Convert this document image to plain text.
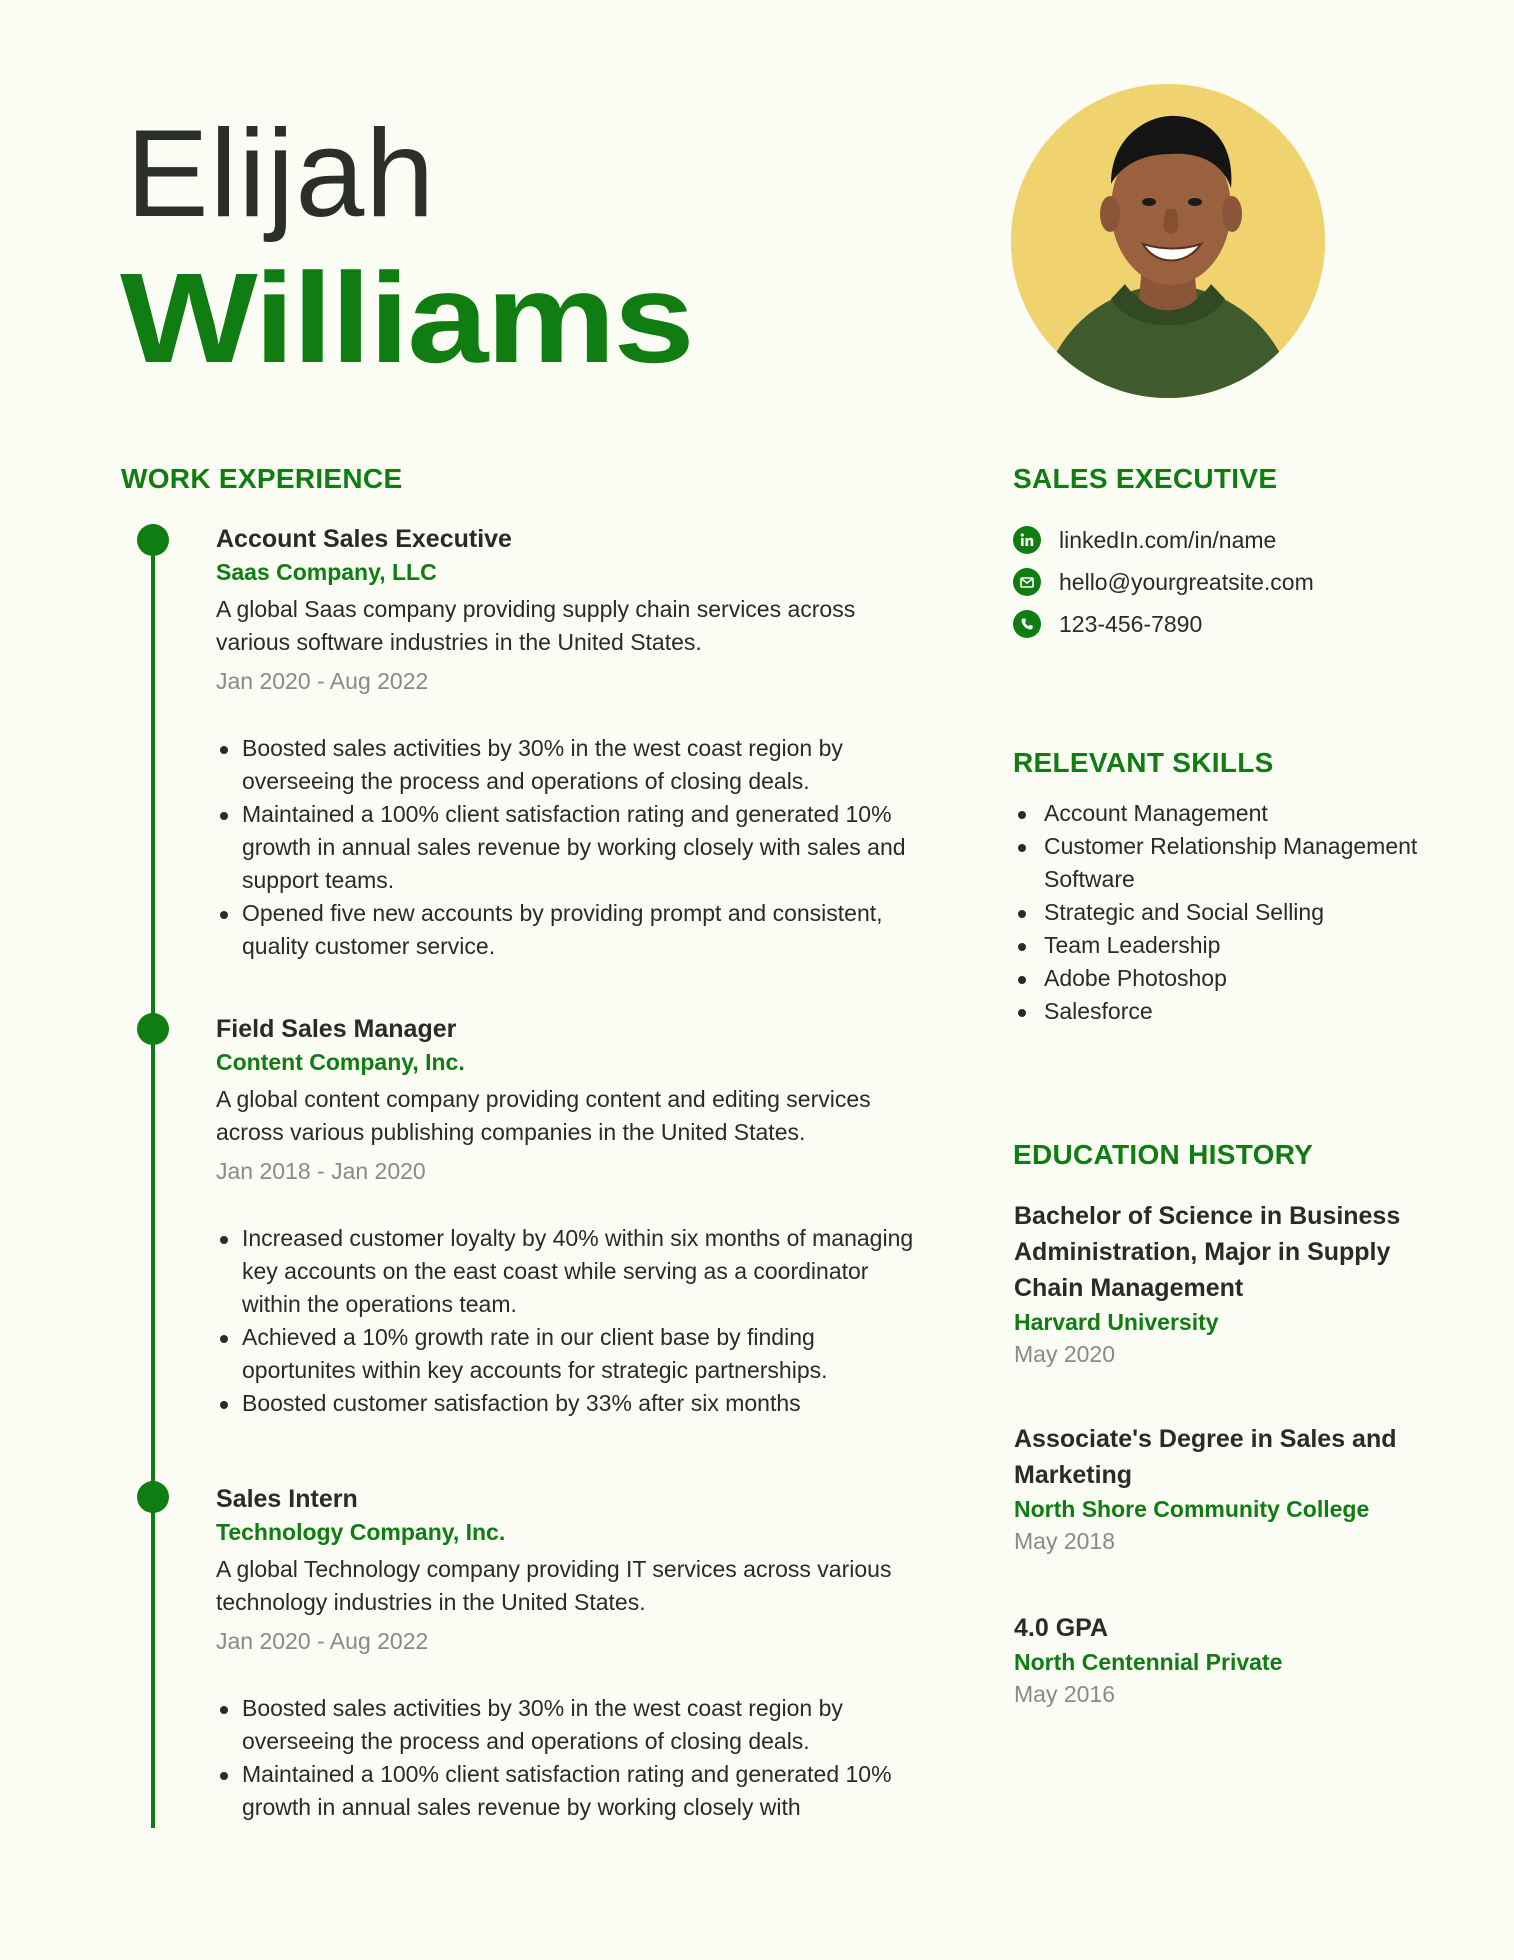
Elijah
Williams
WORK EXPERIENCE
Account Sales Executive
Saas Company, LLC
A global Saas company providing supply chain services across various software industries in the United States.
Jan 2020 - Aug 2022
Boosted sales activities by 30% in the west coast region by overseeing the process and operations of closing deals.
Maintained a 100% client satisfaction rating and generated 10% growth in annual sales revenue by working closely with sales and support teams.
Opened five new accounts by providing prompt and consistent, quality customer service.
Field Sales Manager
Content Company, Inc.
A global content company providing content and editing services across various publishing companies in the United States.
Jan 2018 - Jan 2020
Increased customer loyalty by 40% within six months of managing key accounts on the east coast while serving as a coordinator within the operations team.
Achieved a 10% growth rate in our client base by finding oportunites within key accounts for strategic partnerships.
Boosted customer satisfaction by 33% after six months
Sales Intern
Technology Company, Inc.
A global Technology company providing IT services across various technology industries in the United States.
Jan 2020 - Aug 2022
Boosted sales activities by 30% in the west coast region by overseeing the process and operations of closing deals.
Maintained a 100% client satisfaction rating and generated 10% growth in annual sales revenue by working closely with
SALES EXECUTIVE
linkedIn.com/in/name
hello@yourgreatsite.com
123-456-7890
RELEVANT SKILLS
Account Management
Customer Relationship Management Software
Strategic and Social Selling
Team Leadership
Adobe Photoshop
Salesforce
EDUCATION HISTORY
Bachelor of Science in Business Administration, Major in Supply Chain Management
Harvard University
May 2020
Associate's Degree in Sales and Marketing
North Shore Community College
May 2018
4.0 GPA
North Centennial Private
May 2016
